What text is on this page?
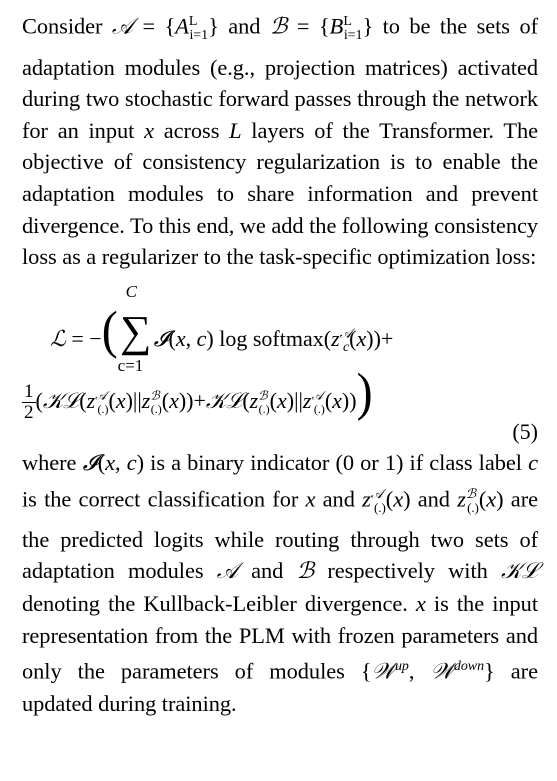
Consider 𝒜 = $\{A^L_{i=1}\}$ and ℬ = $\{B^L_{i=1}\}$ to be the sets of adaptation modules (e.g., projection matrices) activated during two stochastic forward passes through the network for an input x across L layers of the Transformer. The objective of consistency regularization is to enable the adaptation modules to share information and prevent divergence. To this end, we add the following consistency loss as a regularizer to the task-specific optimization loss:

ℒ = −(
C
∑
c=1
𝓘(x, c) $\log softmax(z^𝒜_c(x))+$
$\frac{1}{2}$ $(𝒦ℒ(z^𝒜_{(.)}(x)||z^ℬ_{(.)}(x))+𝒦ℒ(z^ℬ_{(.)}(x)||z^𝒜_{(.)}(x)))$
(5)

where 𝓘(x, c) is a binary indicator (0 or 1) if class label c is the correct classification for x and $z^𝒜_{(.)}(x)$ and $z^ℬ_{(.)}(x)$ are the predicted logits while routing through two sets of adaptation modules 𝒜 and ℬ respectively with 𝒦ℒ denoting the Kullback-Leibler divergence. x is the input representation from the PLM with frozen parameters and only the parameters of modules {𝒲$^{up}$, 𝒲$^{down}$} are updated during training.
